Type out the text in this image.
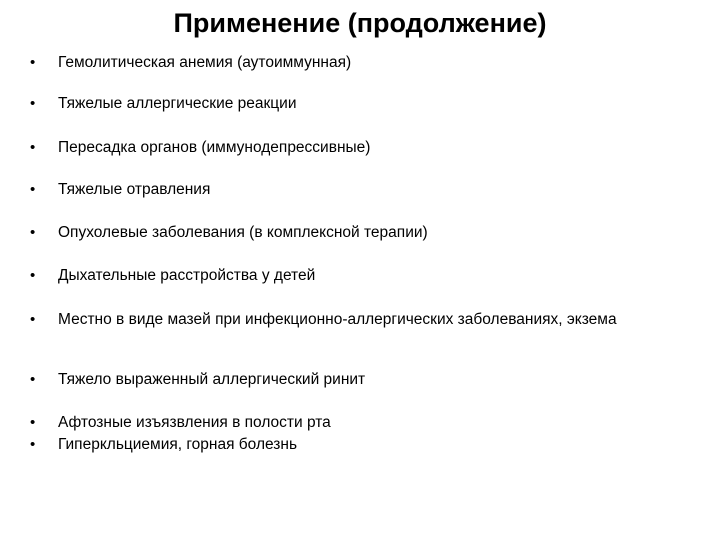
Применение (продолжение)
•	Гемолитическая анемия (аутоиммунная)
•	Тяжелые аллергические реакции
•	Пересадка органов (иммунодепрессивные)
•	Тяжелые отравления
•	Опухолевые заболевания (в комплексной терапии)
•	Дыхательные расстройства у детей
•	Местно в виде мазей при инфекционно-аллергических заболеваниях, экзема
•	Тяжело выраженный аллергический ринит
•	Афтозные изъязвления в полости рта
•	Гиперкльциемия, горная болезнь
